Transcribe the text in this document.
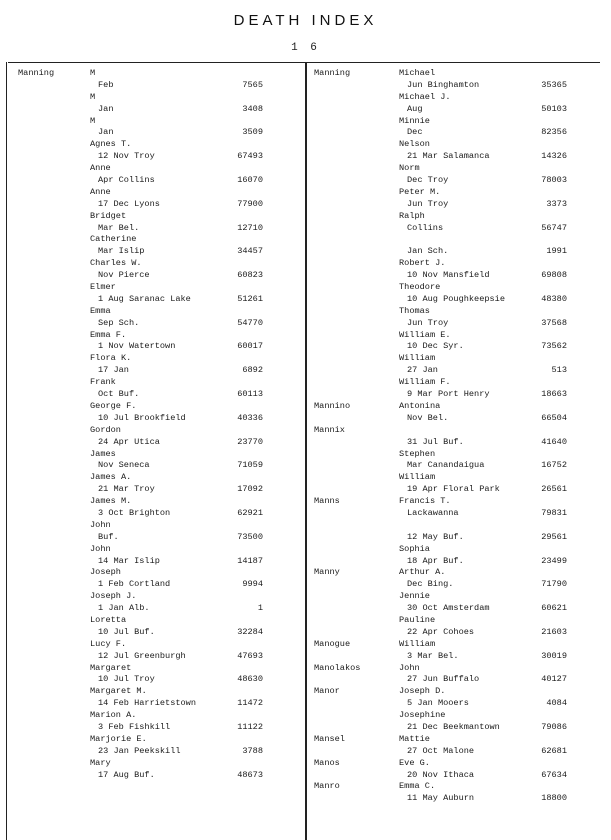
DEATH INDEX
1 6
Manning	M
Feb	7565
M
Jan	3408
M
Jan	3509
Agnes T.
12 Nov Troy	67493
Anne
Apr Collins	16070
Anne
17 Dec Lyons	77900
Bridget
Mar Bel.	12710
Catherine
Mar Islip	34457
Charles W.
Nov Pierce	60823
Elmer
1 Aug Saranac Lake	51261
Emma
Sep Sch.	54770
Emma F.
1 Nov Watertown	60017
Flora K.
17 Jan	6892
Frank
Oct Buf.	60113
George F.
10 Jul Brookfield	40336
Gordon
24 Apr Utica	23770
James
Nov Seneca	71059
James A.
21 Mar Troy	17092
James M.
3 Oct Brighton	62921
John
Buf.	73500
John
14 Mar Islip	14187
Joseph
1 Feb Cortland	9994
Joseph J.
1 Jan Alb.	1
Loretta
10 Jul Buf.	32284
Lucy F.
12 Jul Greenburgh	47693
Margaret
10 Jul Troy	48630
Margaret M.
14 Feb Harrietstown	11472
Marion A.
3 Feb Fishkill	11122
Marjorie E.
23 Jan Peekskill	3788
Mary
17 Aug Buf.	48673
Manning	Michael
Jun Binghamton	35365
Michael J.
Aug	50103
Minnie
Dec	82356
Nelson
21 Mar Salamanca	14326
Norm
Dec Troy	78003
Peter M.
Jun Troy	3373
Ralph
Collins	56747
Jan Sch.	1991
Robert J.
10 Nov Mansfield	69808
Theodore
10 Aug Poughkeepsie	48380
Thomas
Jun Troy	37568
William E.
10 Dec Syr.	73562
William
27 Jan	513
William F.
9 Mar Port Henry	18663
Mannino	Antonina
Nov Bel.	66504
Mannix
31 Jul Buf.	41640
Stephen
Mar Canandaigua	16752
William
19 Apr Floral Park	26561
Manns	Francis T.
Lackawanna	79831
12 May Buf.	29561
Sophia
18 Apr Buf.	23499
Manny	Arthur A.
Dec Bing.	71790
Jennie
30 Oct Amsterdam	60621
Pauline
22 Apr Cohoes	21603
Manogue	William
3 Mar Bel.	30019
Manolakos	John
27 Jun Buffalo	40127
Manor	Joseph D.
5 Jan Mooers	4084
Josephine
21 Dec Beekmantown	79086
Mansel	Mattie
27 Oct Malone	62681
Manos	Eve G.
20 Nov Ithaca	67634
Manro	Emma C.
11 May Auburn	18800
